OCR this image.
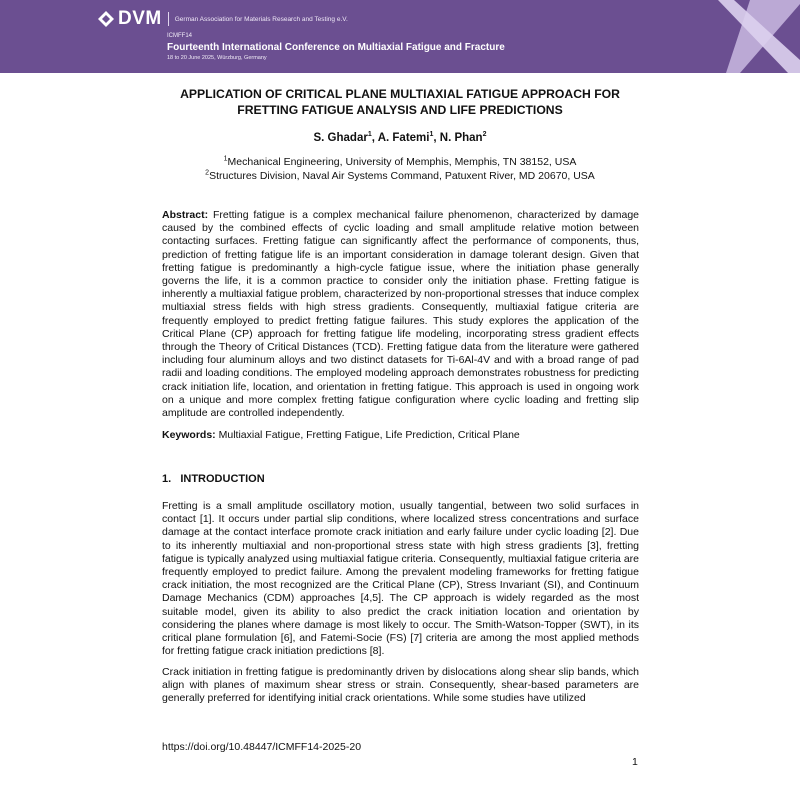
DVM German Association for Materials Research and Testing e.V.
ICMFF14
Fourteenth International Conference on Multiaxial Fatigue and Fracture
18 to 20 June 2025, Würzburg, Germany
APPLICATION OF CRITICAL PLANE MULTIAXIAL FATIGUE APPROACH FOR
FRETTING FATIGUE ANALYSIS AND LIFE PREDICTIONS
S. Ghadar$^1$, A. Fatemi$^1$, N. Phan$^2$
$^1$Mechanical Engineering, University of Memphis, Memphis, TN 38152, USA
$^2$Structures Division, Naval Air Systems Command, Patuxent River, MD 20670, USA
Abstract: Fretting fatigue is a complex mechanical failure phenomenon, characterized by damage caused by the combined effects of cyclic loading and small amplitude relative motion between contacting surfaces. Fretting fatigue can significantly affect the performance of components, thus, prediction of fretting fatigue life is an important consideration in damage tolerant design. Given that fretting fatigue is predominantly a high-cycle fatigue issue, where the initiation phase generally governs the life, it is a common practice to consider only the initiation phase. Fretting fatigue is inherently a multiaxial fatigue problem, characterized by non-proportional stresses that induce complex multiaxial stress fields with high stress gradients. Consequently, multiaxial fatigue criteria are frequently employed to predict fretting fatigue failures. This study explores the application of the Critical Plane (CP) approach for fretting fatigue life modeling, incorporating stress gradient effects through the Theory of Critical Distances (TCD). Fretting fatigue data from the literature were gathered including four aluminum alloys and two distinct datasets for Ti-6Al-4V and with a broad range of pad radii and loading conditions. The employed modeling approach demonstrates robustness for predicting crack initiation life, location, and orientation in fretting fatigue. This approach is used in ongoing work on a unique and more complex fretting fatigue configuration where cyclic loading and fretting slip amplitude are controlled independently.
Keywords: Multiaxial Fatigue, Fretting Fatigue, Life Prediction, Critical Plane
1.   INTRODUCTION
Fretting is a small amplitude oscillatory motion, usually tangential, between two solid surfaces in contact [1]. It occurs under partial slip conditions, where localized stress concentrations and surface damage at the contact interface promote crack initiation and early failure under cyclic loading [2]. Due to its inherently multiaxial and non-proportional stress state with high stress gradients [3], fretting fatigue is typically analyzed using multiaxial fatigue criteria. Consequently, multiaxial fatigue criteria are frequently employed to predict failure. Among the prevalent modeling frameworks for fretting fatigue crack initiation, the most recognized are the Critical Plane (CP), Stress Invariant (SI), and Continuum Damage Mechanics (CDM) approaches [4,5]. The CP approach is widely regarded as the most suitable model, given its ability to also predict the crack initiation location and orientation by considering the planes where damage is most likely to occur. The Smith-Watson-Topper (SWT), in its critical plane formulation [6], and Fatemi-Socie (FS) [7] criteria are among the most applied methods for fretting fatigue crack initiation predictions [8].
Crack initiation in fretting fatigue is predominantly driven by dislocations along shear slip bands, which align with planes of maximum shear stress or strain. Consequently, shear-based parameters are generally preferred for identifying initial crack orientations. While some studies have utilized
https://doi.org/10.48447/ICMFF14-2025-20
1
